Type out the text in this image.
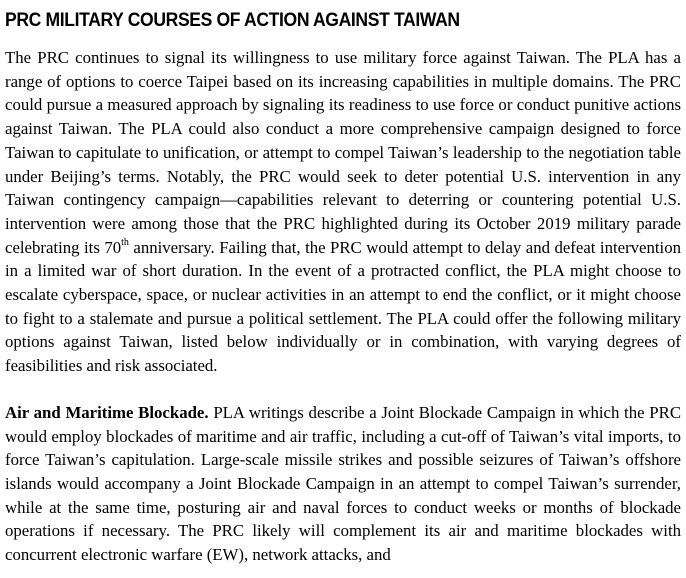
PRC MILITARY COURSES OF ACTION AGAINST TAIWAN

The PRC continues to signal its willingness to use military force against Taiwan. The PLA has a range of options to coerce Taipei based on its increasing capabilities in multiple domains. The PRC could pursue a measured approach by signaling its readiness to use force or conduct punitive actions against Taiwan. The PLA could also conduct a more comprehensive campaign designed to force Taiwan to capitulate to unification, or attempt to compel Taiwan’s leadership to the negotiation table under Beijing’s terms. Notably, the PRC would seek to deter potential U.S. intervention in any Taiwan contingency campaign—capabilities relevant to deterring or countering potential U.S. intervention were among those that the PRC highlighted during its October 2019 military parade celebrating its 70th anniversary. Failing that, the PRC would attempt to delay and defeat intervention in a limited war of short duration. In the event of a protracted conflict, the PLA might choose to escalate cyberspace, space, or nuclear activities in an attempt to end the conflict, or it might choose to fight to a stalemate and pursue a political settlement. The PLA could offer the following military options against Taiwan, listed below individually or in combination, with varying degrees of feasibilities and risk associated.

Air and Maritime Blockade. PLA writings describe a Joint Blockade Campaign in which the PRC would employ blockades of maritime and air traffic, including a cut-off of Taiwan’s vital imports, to force Taiwan’s capitulation. Large-scale missile strikes and possible seizures of Taiwan’s offshore islands would accompany a Joint Blockade Campaign in an attempt to compel Taiwan’s surrender, while at the same time, posturing air and naval forces to conduct weeks or months of blockade operations if necessary. The PRC likely will complement its air and maritime blockades with concurrent electronic warfare (EW), network attacks, and
